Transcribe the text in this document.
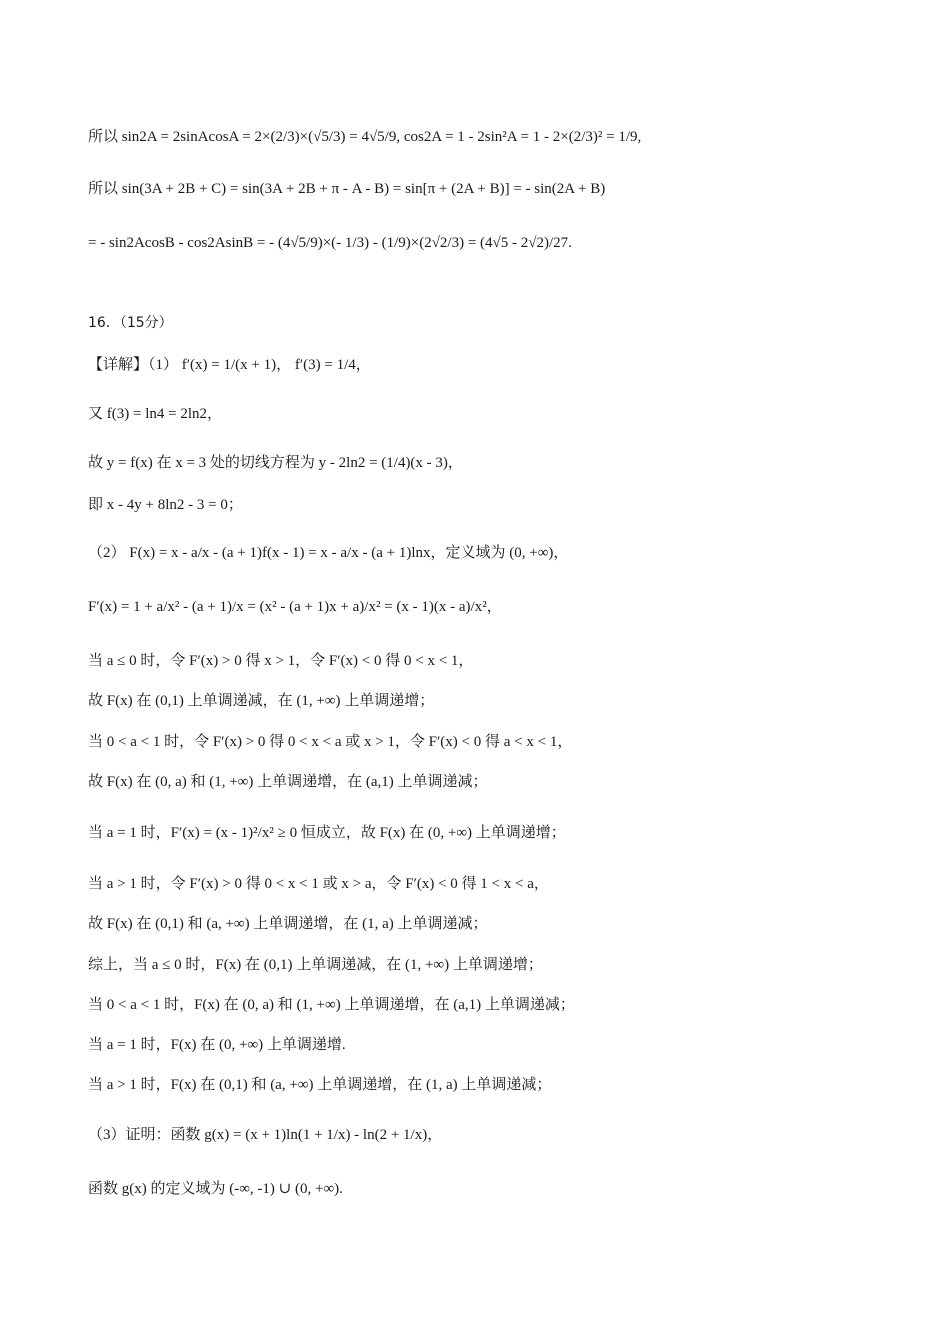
所以 sin2A = 2sinAcosA = 2×(2/3)×(√5/3) = 4√5/9, cos2A = 1 - 2sin²A = 1 - 2×(2/3)² = 1/9,
所以 sin(3A + 2B + C) = sin(3A + 2B + π - A - B) = sin[π + (2A + B)] = - sin(2A + B)
= - sin2AcosB - cos2AsinB = - (4√5/9)×(- 1/3) - (1/9)×(2√2/3) = (4√5 - 2√2)/27.
16．（15分）
【详解】（1） f′(x) = 1/(x + 1)， f′(3) = 1/4，
又 f(3) = ln4 = 2ln2，
故 y = f(x) 在 x = 3 处的切线方程为 y - 2ln2 = (1/4)(x - 3)，
即 x - 4y + 8ln2 - 3 = 0；
（2） F(x) = x - a/x - (a + 1)f(x - 1) = x - a/x - (a + 1)lnx，定义域为 (0, +∞)，
F′(x) = 1 + a/x² - (a + 1)/x = (x² - (a + 1)x + a)/x² = (x - 1)(x - a)/x²，
当 a ≤ 0 时，令 F′(x) > 0 得 x > 1，令 F′(x) < 0 得 0 < x < 1，
故 F(x) 在 (0,1) 上单调递减，在 (1, +∞) 上单调递增；
当 0 < a < 1 时，令 F′(x) > 0 得 0 < x < a 或 x > 1，令 F′(x) < 0 得 a < x < 1，
故 F(x) 在 (0, a) 和 (1, +∞) 上单调递增，在 (a,1) 上单调递减；
当 a = 1 时，F′(x) = (x - 1)²/x² ≥ 0 恒成立，故 F(x) 在 (0, +∞) 上单调递增；
当 a > 1 时，令 F′(x) > 0 得 0 < x < 1 或 x > a，令 F′(x) < 0 得 1 < x < a，
故 F(x) 在 (0,1) 和 (a, +∞) 上单调递增，在 (1, a) 上单调递减；
综上，当 a ≤ 0 时，F(x) 在 (0,1) 上单调递减，在 (1, +∞) 上单调递增；
当 0 < a < 1 时，F(x) 在 (0, a) 和 (1, +∞) 上单调递增，在 (a,1) 上单调递减；
当 a = 1 时，F(x) 在 (0, +∞) 上单调递增.
当 a > 1 时，F(x) 在 (0,1) 和 (a, +∞) 上单调递增，在 (1, a) 上单调递减；
（3）证明：函数 g(x) = (x + 1)ln(1 + 1/x) - ln(2 + 1/x)，
函数 g(x) 的定义域为 (-∞, -1) ∪ (0, +∞).
